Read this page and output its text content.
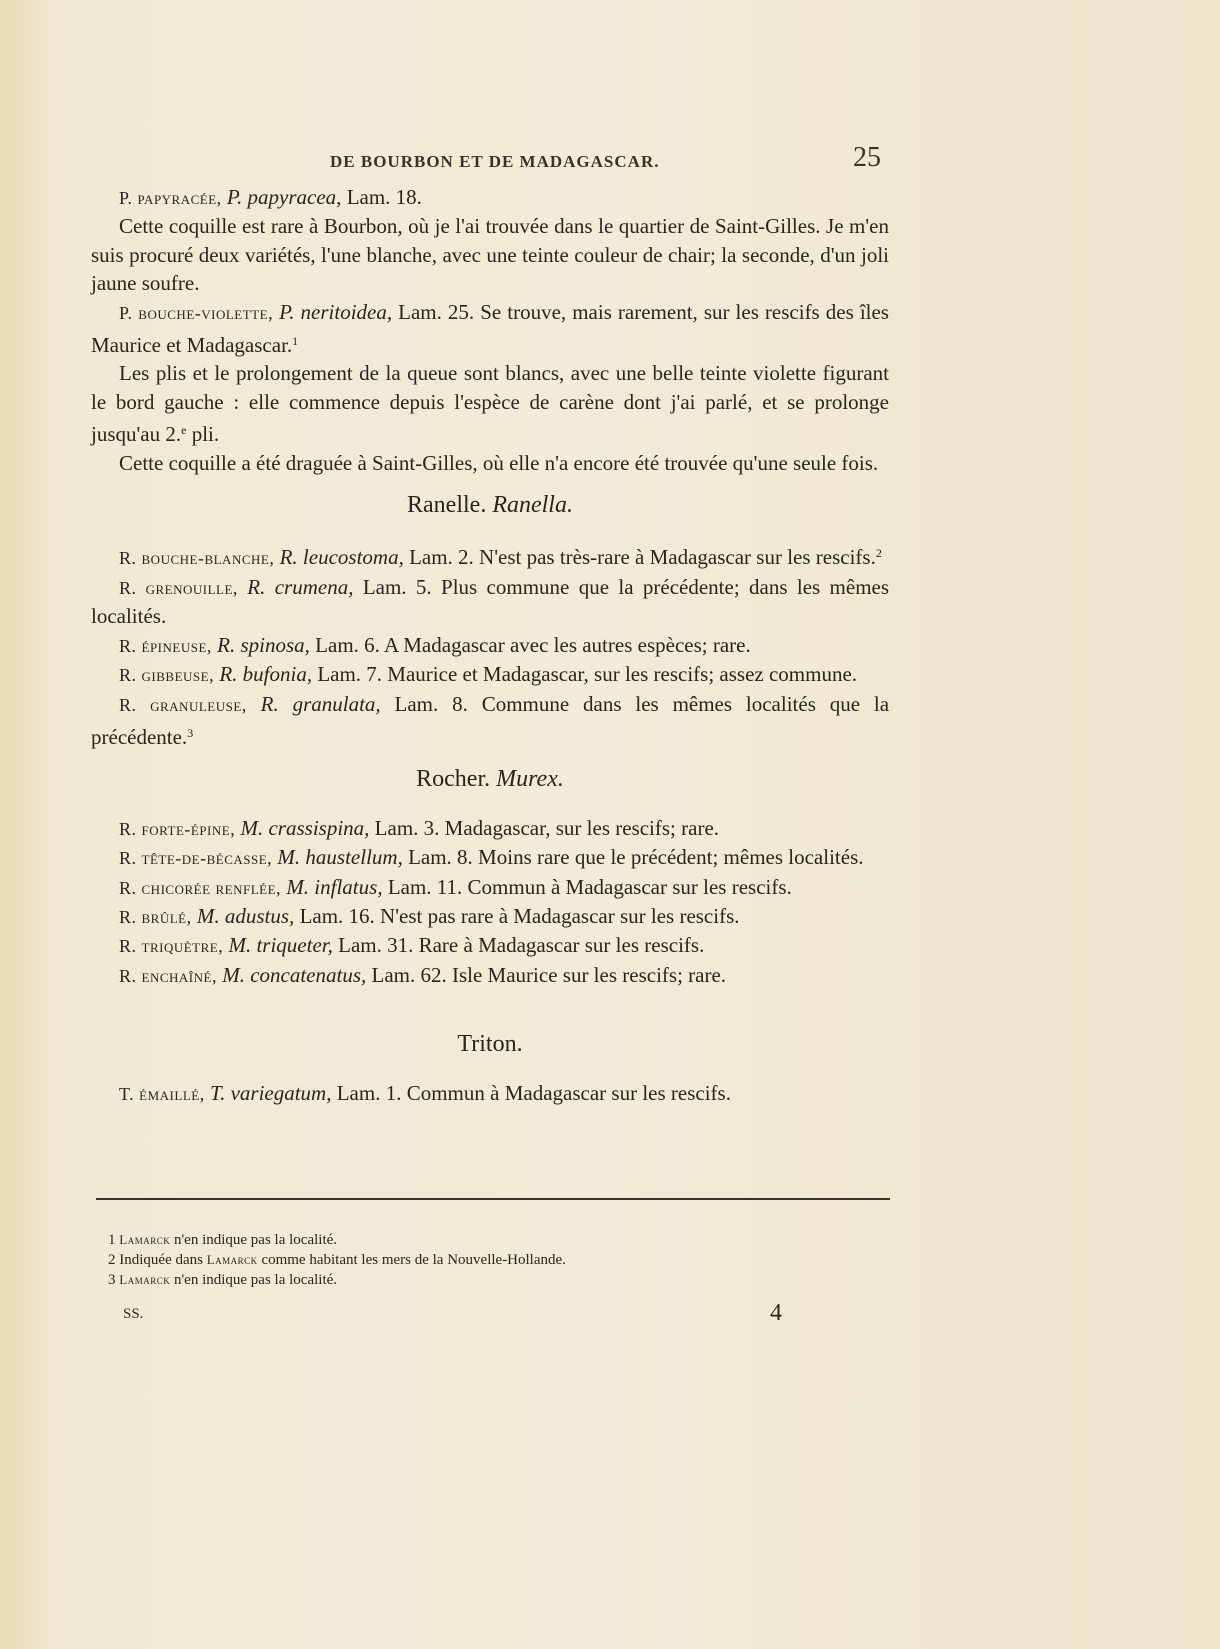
DE BOURBON ET DE MADAGASCAR.	25

P. papyracée, P. papyracea, Lam. 18.

Cette coquille est rare à Bourbon, où je l'ai trouvée dans le quartier de Saint-Gilles. Je m'en suis procuré deux variétés, l'une blanche, avec une teinte couleur de chair; la seconde, d'un joli jaune soufre.

P. bouche-violette, P. neritoidea, Lam. 25. Se trouve, mais rarement, sur les rescifs des îles Maurice et Madagascar.$^1$

Les plis et le prolongement de la queue sont blancs, avec une belle teinte violette figurant le bord gauche : elle commence depuis l'espèce de carène dont j'ai parlé, et se prolonge jusqu'au 2.$^e$ pli.

Cette coquille a été draguée à Saint-Gilles, où elle n'a encore été trouvée qu'une seule fois.

Ranelle. Ranella.

R. bouche-blanche, R. leucostoma, Lam. 2. N'est pas très-rare à Madagascar sur les rescifs.$^2$

R. grenouille, R. crumena, Lam. 5. Plus commune que la précédente; dans les mêmes localités.

R. épineuse, R. spinosa, Lam. 6. A Madagascar avec les autres espèces; rare.

R. gibbeuse, R. bufonia, Lam. 7. Maurice et Madagascar, sur les rescifs; assez commune.

R. granuleuse, R. granulata, Lam. 8. Commune dans les mêmes localités que la précédente.$^3$

Rocher. Murex.

R. forte-épine, M. crassispina, Lam. 3. Madagascar, sur les rescifs; rare.

R. tête-de-bécasse, M. haustellum, Lam. 8. Moins rare que le précédent; mêmes localités.

R. chicorée renflée, M. inflatus, Lam. 11. Commun à Madagascar sur les rescifs.

R. brûlé, M. adustus, Lam. 16. N'est pas rare à Madagascar sur les rescifs.

R. triquètre, M. triqueter, Lam. 31. Rare à Madagascar sur les rescifs.

R. enchaîné, M. concatenatus, Lam. 62. Isle Maurice sur les rescifs; rare.

Triton.

T. émaillé, T. variegatum, Lam. 1. Commun à Madagascar sur les rescifs.

1 Lamarck n'en indique pas la localité.
2 Indiquée dans Lamarck comme habitant les mers de la Nouvelle-Hollande.
3 Lamarck n'en indique pas la localité.
SS.	4
